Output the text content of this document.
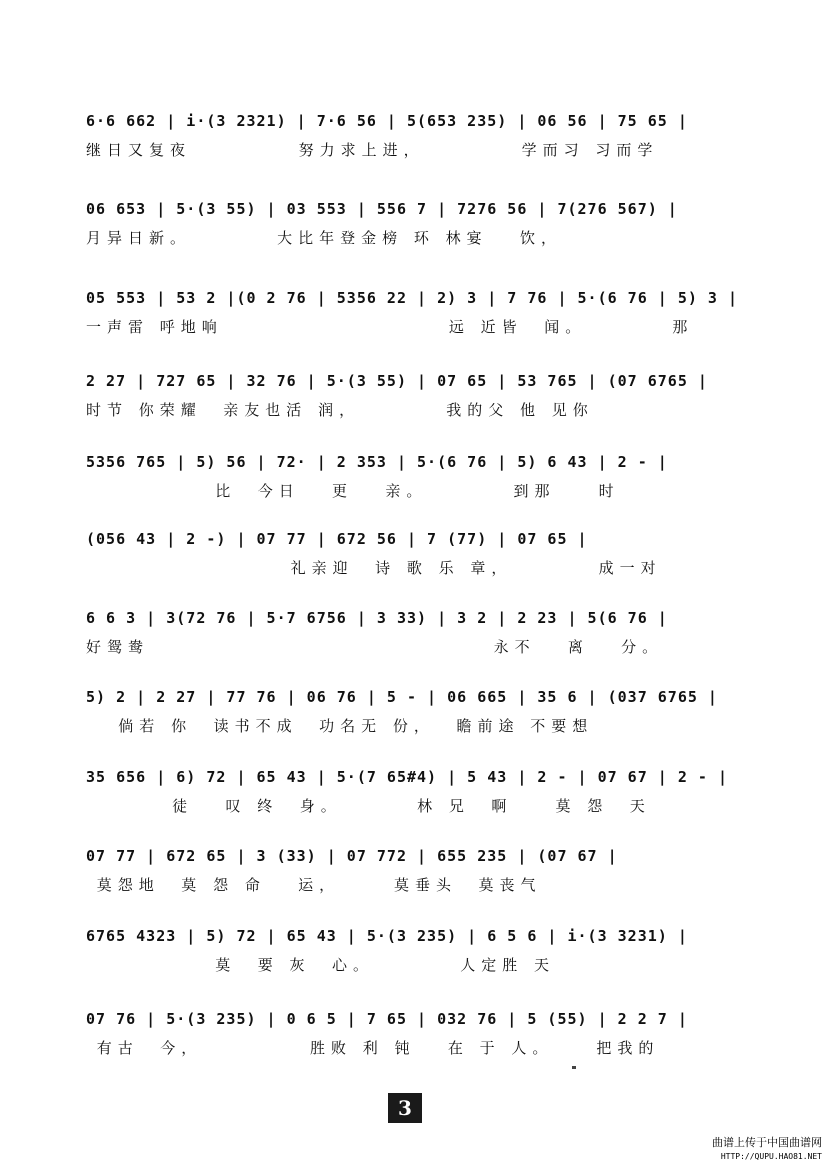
6·6 662 | i·(3 2321) | 7·6 56 | 5(653 235) | 06 56 | 75 65 |
继日又复夜          努力求上进，         学而习 习而学
06 653 | 5·(3 55) | 03 553 | 556 7 | 7276 56 | 7(276 567) |
月异日新。        大比年登金榜 环 林宴   饮，
05 553 | 53 2 |(0 2 76 | 5356 22 | 2) 3 | 7 76 | 5·(6 76 | 5) 3 |
一声雷 呼地响                     远 近皆  闻。        那
2 27 | 727 65 | 32 76 | 5·(3 55) | 07 65 | 53 765 | (07 6765 |
时节 你荣耀  亲友也活 润，        我的父 他 见你
5356 765 | 5) 56 | 72· | 2 353 | 5·(6 76 | 5) 6 43 | 2 - |
比  今日   更   亲。        到那    时
(056 43 | 2 -) | 07 77 | 672 56 | 7 (77) | 07 65 |
礼亲迎  诗 歌 乐 章，        成一对
6 6 3 | 3(72 76 | 5·7 6756 | 3 33) | 3 2 | 2 23 | 5(6 76 |
好鸳鸯                                永不   离   分。
5) 2 | 2 27 | 77 76 | 06 76 | 5 - | 06 665 | 35 6 | (037 6765 |
倘若 你  读书不成  功名无 份，  瞻前途 不要想
35 656 | 6) 72 | 65 43 | 5·(7 65#4) | 5 43 | 2 - | 07 67 | 2 - |
徒   叹 终  身。       林 兄  啊    莫 怨  天
07 77 | 672 65 | 3 (33) | 07 772 | 655 235 | (07 67 |
莫怨地  莫 怨 命   运，     莫垂头  莫丧气
6765 4323 | 5) 72 | 65 43 | 5·(3 235) | 6 5 6 | i·(3 3231) |
莫  要 灰  心。        人定胜 天
07 76 | 5·(3 235) | 0 6 5 | 7 65 | 032 76 | 5 (55) | 2 2 7 |
有古  今，          胜败 利 钝   在 于 人。    把我的
3
曲谱上传于中国曲谱网
HTTP://QUPU.HAO81.NET
